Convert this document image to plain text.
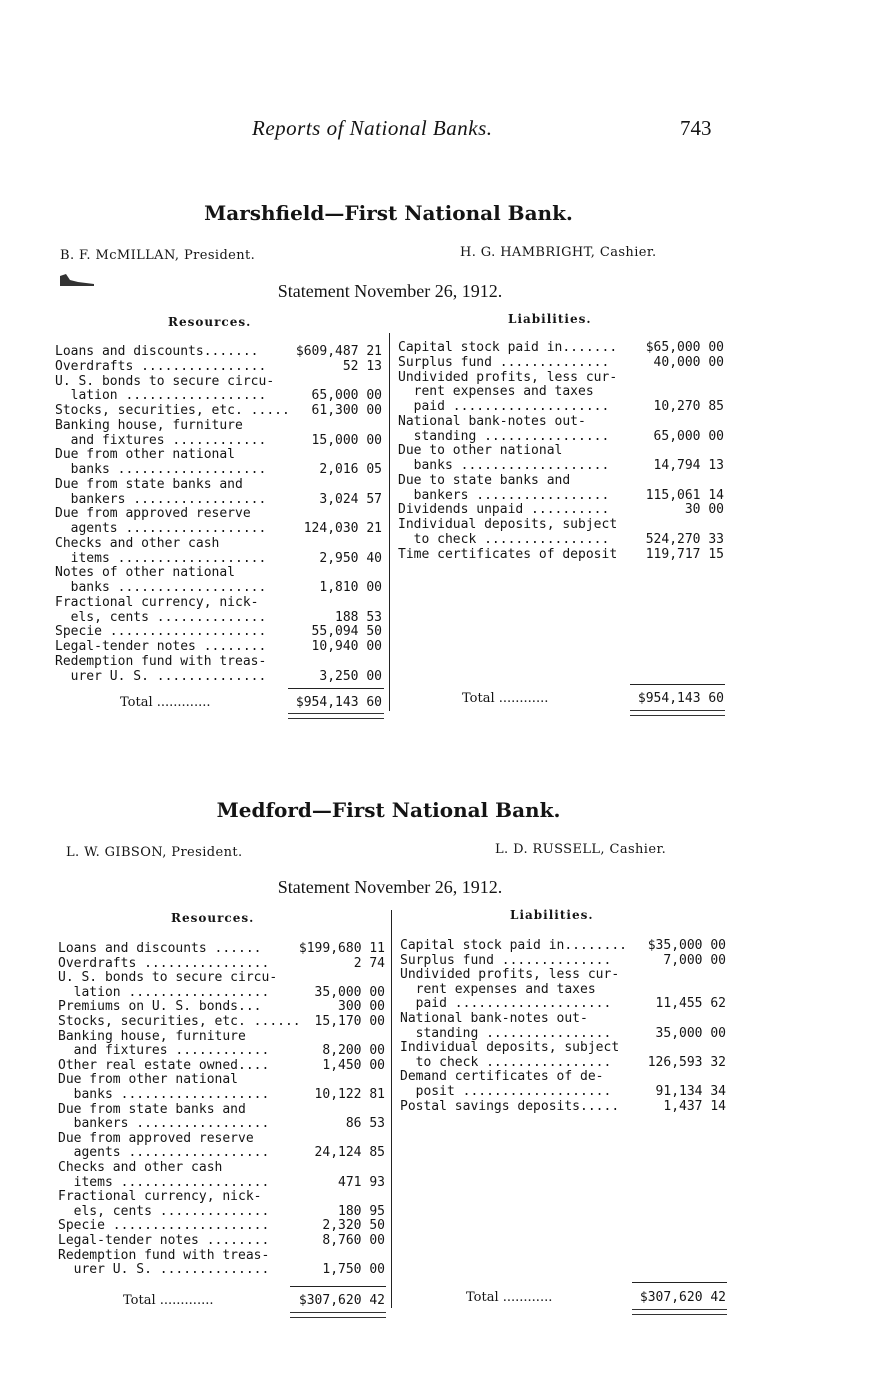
Reports of National Banks.	743
Marshfield—First National Bank.
B. F. McMILLAN, President.	H. G. HAMBRIGHT, Cashier.
Statement November 26, 1912.
Resources.	Liabilities.
Loans and discounts.......	$609,487 21
Overdrafts ................	52 13
U. S. bonds to secure circu-
lation ..................	65,000 00
Stocks, securities, etc. ..... 61,300 00
Banking house, furniture
and fixtures ............	15,000 00
Due from other national
banks ...................	2,016 05
Due from state banks and
bankers .................	3,024 57
Due from approved reserve
agents ..................	124,030 21
Checks and other cash
items ...................	2,950 40
Notes of other national
banks ...................	1,810 00
Fractional currency, nick-
els, cents ..............	188 53
Specie ....................	55,094 50
Legal-tender notes ........	10,940 00
Redemption fund with treas-
urer U. S. ..............	3,250 00
Total .............	$954,143 60
Capital stock paid in....... $65,000 00
Surplus fund ..............	40,000 00
Undivided profits, less cur-
rent expenses and taxes
paid ....................	10,270 85
National bank-notes out-
standing ................	65,000 00
Due to other national
banks ...................	14,794 13
Due to state banks and
bankers .................	115,061 14
Dividends unpaid ..........	30 00
Individual deposits, subject
to check ................	524,270 33
Time certificates of deposit 119,717 15
Total ............	$954,143 60
Medford—First National Bank.
L. W. GIBSON, President.	L. D. RUSSELL, Cashier.
Statement November 26, 1912.
Resources.	Liabilities.
Loans and discounts ......	$199,680 11
Overdrafts ................	2 74
U. S. bonds to secure circu-
lation ..................	35,000 00
Premiums on U. S. bonds...	300 00
Stocks, securities, etc. ...... 15,170 00
Banking house, furniture
and fixtures ............	8,200 00
Other real estate owned....	1,450 00
Due from other national
banks ...................	10,122 81
Due from state banks and
bankers .................	86 53
Due from approved reserve
agents ..................	24,124 85
Checks and other cash
items ...................	471 93
Fractional currency, nick-
els, cents ..............	180 95
Specie ....................	2,320 50
Legal-tender notes ........	8,760 00
Redemption fund with treas-
urer U. S. ..............	1,750 00
Total .............	$307,620 42
Capital stock paid in........ $35,000 00
Surplus fund ..............	7,000 00
Undivided profits, less cur-
rent expenses and taxes
paid ....................	11,455 62
National bank-notes out-
standing ................	35,000 00
Individual deposits, subject
to check ................	126,593 32
Demand certificates of de-
posit ...................	91,134 34
Postal savings deposits.....	1,437 14
Total ............	$307,620 42
